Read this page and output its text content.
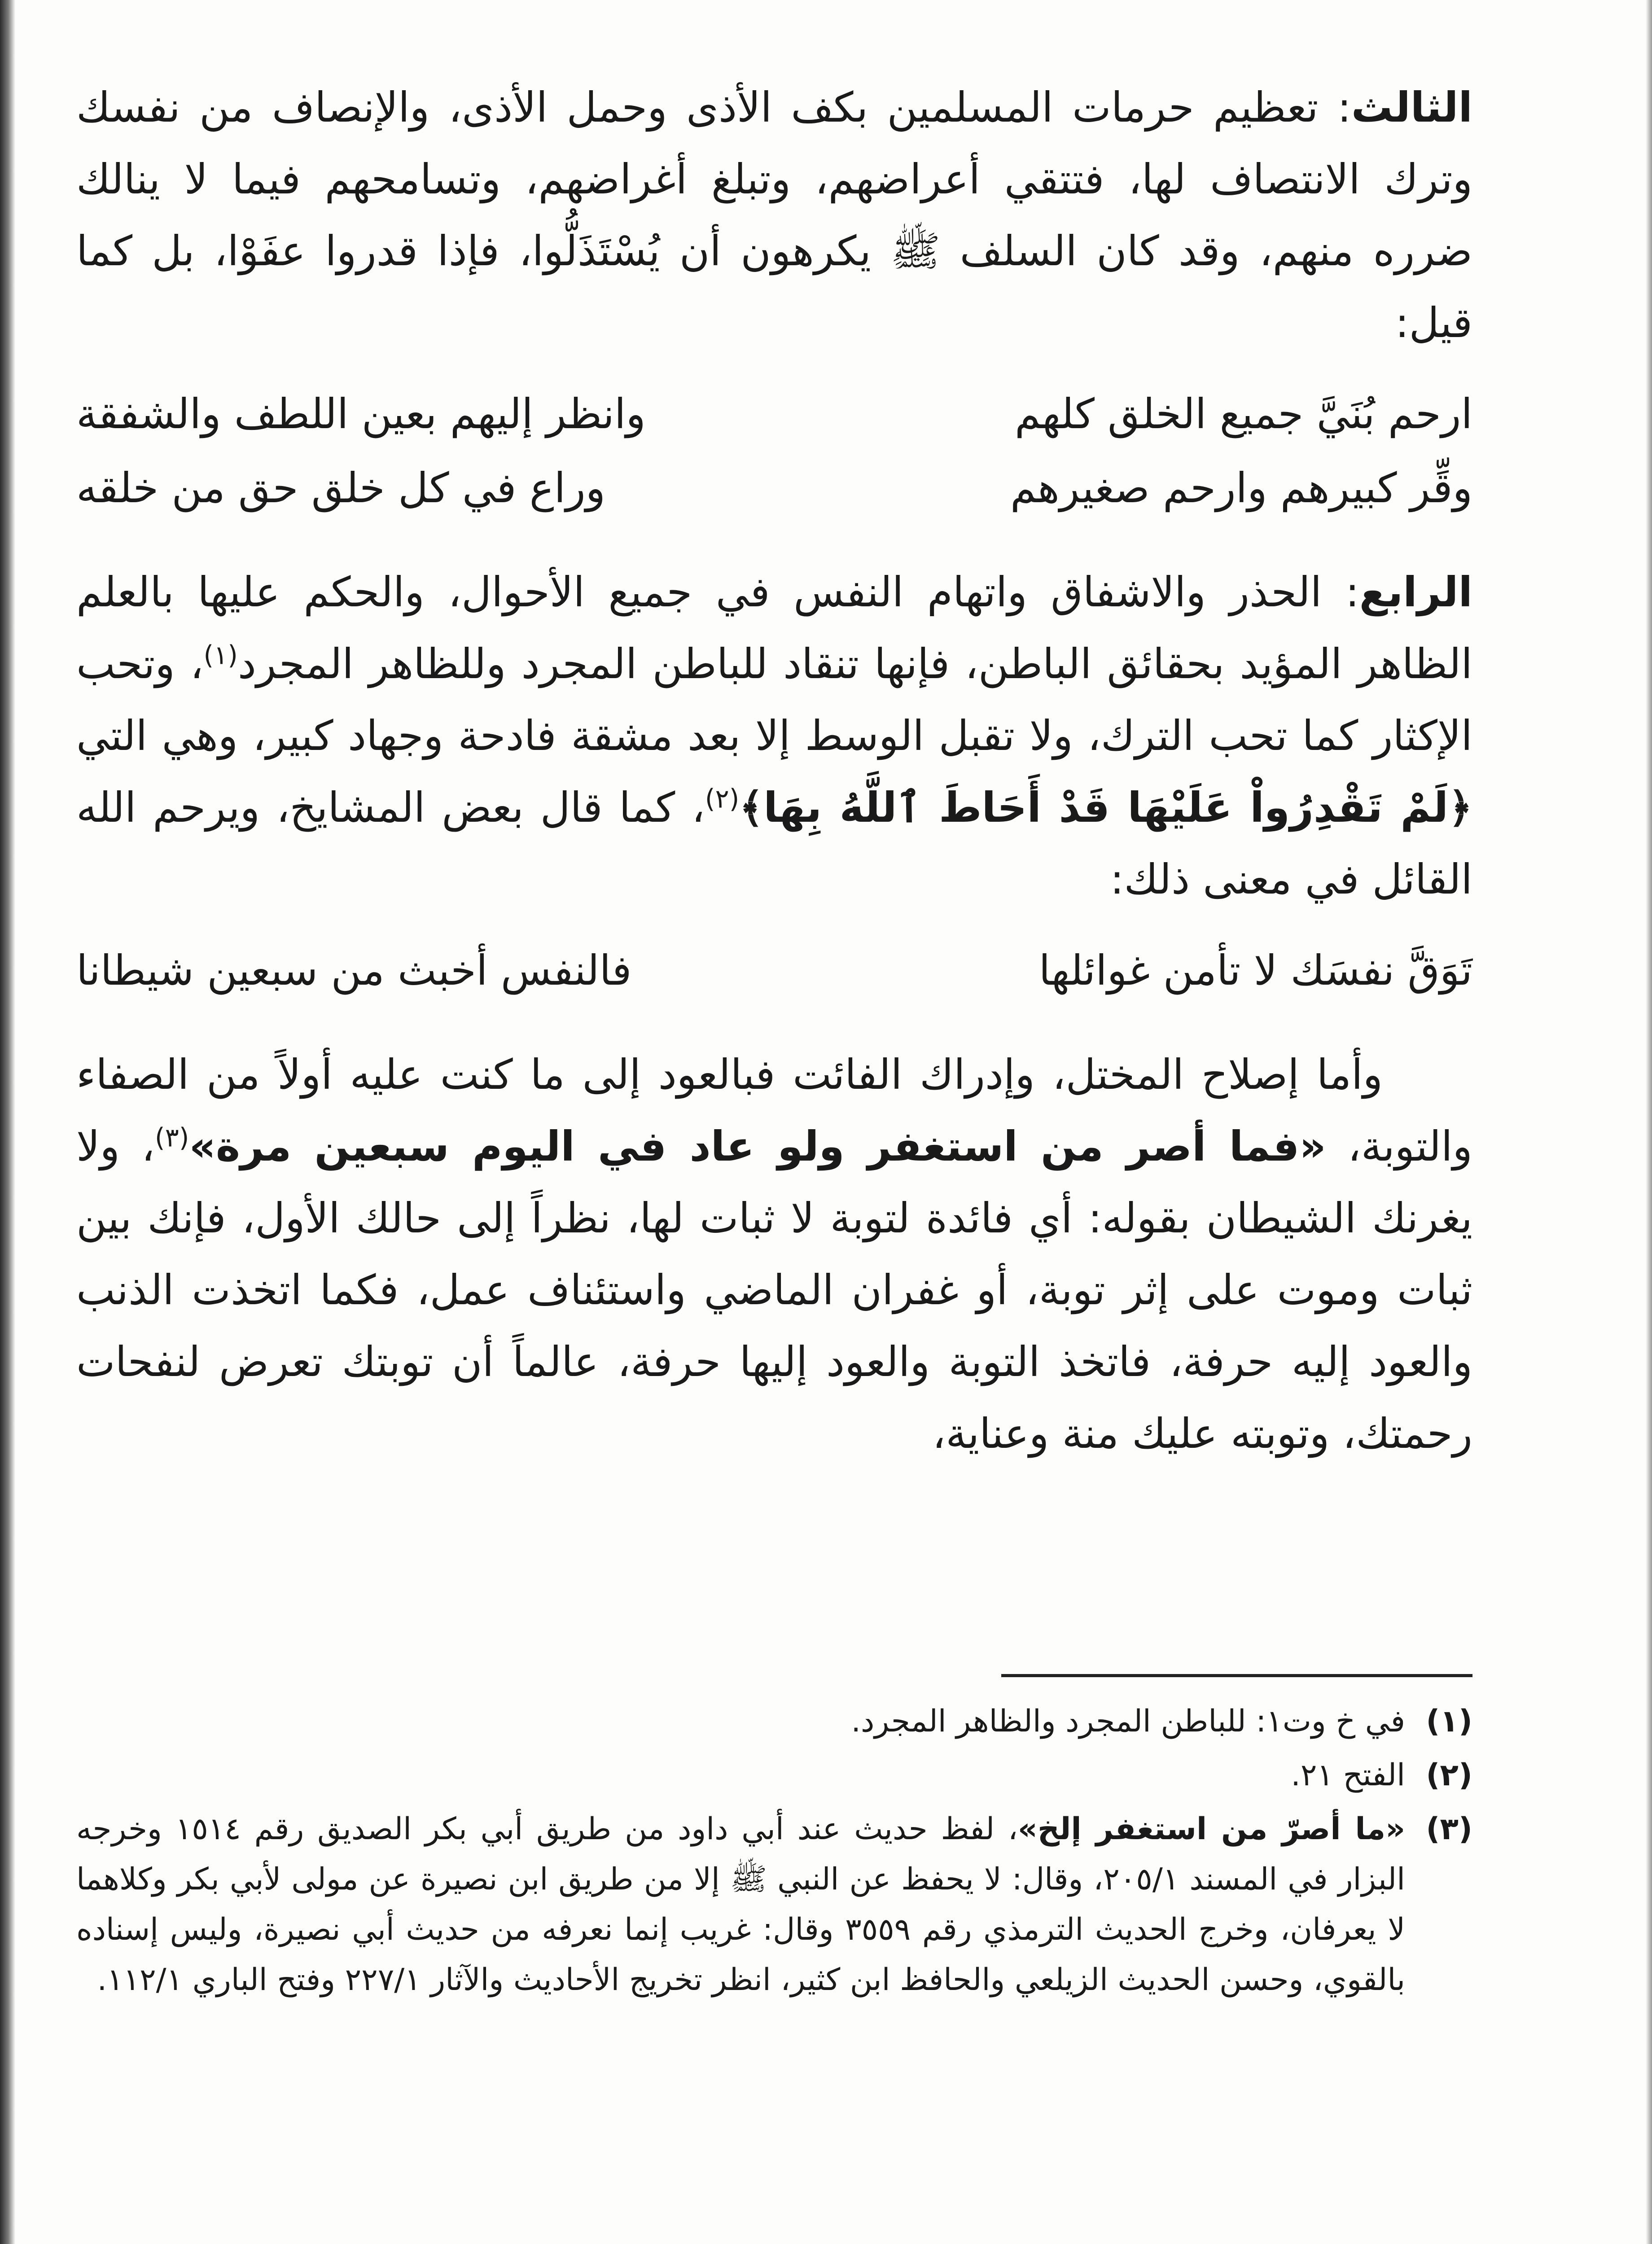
الثالث: تعظيم حرمات المسلمين بكف الأذى وحمل الأذى، والإنصاف من نفسك وترك الانتصاف لها، فتتقي أعراضهم، وتبلغ أغراضهم، وتسامحهم فيما لا ينالك ضرره منهم، وقد كان السلف ﷺ يكرهون أن يُسْتَذَلُّوا، فإذا قدروا عفَوْا، بل كما قيل:

ارحم بُنَيَّ جميع الخلق كلهم
وانظر إليهم بعين اللطف والشفقة
وقِّر كبيرهم وارحم صغيرهم
وراع في كل خلق حق من خلقه

الرابع: الحذر والاشفاق واتهام النفس في جميع الأحوال، والحكم عليها بالعلم الظاهر المؤيد بحقائق الباطن، فإنها تنقاد للباطن المجرد وللظاهر المجرد$^{(١)}$، وتحب الإكثار كما تحب الترك، ولا تقبل الوسط إلا بعد مشقة فادحة وجهاد كبير، وهي التي ﴿لَمْ تَقْدِرُواْ عَلَيْهَا قَدْ أَحَاطَ ٱللَّهُ بِهَا﴾$^{(٢)}$، كما قال بعض المشايخ، ويرحم الله القائل في معنى ذلك:

تَوَقَّ نفسَك لا تأمن غوائلها
فالنفس أخبث من سبعين شيطانا

وأما إصلاح المختل، وإدراك الفائت فبالعود إلى ما كنت عليه أولاً من الصفاء والتوبة، «فما أصر من استغفر ولو عاد في اليوم سبعين مرة»$^{(٣)}$، ولا يغرنك الشيطان بقوله: أي فائدة لتوبة لا ثبات لها، نظراً إلى حالك الأول، فإنك بين ثبات وموت على إثر توبة، أو غفران الماضي واستئناف عمل، فكما اتخذت الذنب والعود إليه حرفة، فاتخذ التوبة والعود إليها حرفة، عالماً أن توبتك تعرض لنفحات رحمتك، وتوبته عليك منة وعناية،

(١)
في خ وت١: للباطن المجرد والظاهر المجرد.
(٢)
الفتح ٢١.
(٣)
«ما أصرّ من استغفر إلخ»، لفظ حديث عند أبي داود من طريق أبي بكر الصديق رقم ١٥١٤ وخرجه البزار في المسند ٢٠٥/١، وقال: لا يحفظ عن النبي ﷺ إلا من طريق ابن نصيرة عن مولى لأبي بكر وكلاهما لا يعرفان، وخرج الحديث الترمذي رقم ٣٥٥٩ وقال: غريب إنما نعرفه من حديث أبي نصيرة، وليس إسناده بالقوي، وحسن الحديث الزيلعي والحافظ ابن كثير، انظر تخريج الأحاديث والآثار ٢٢٧/١ وفتح الباري ١١٢/١.
